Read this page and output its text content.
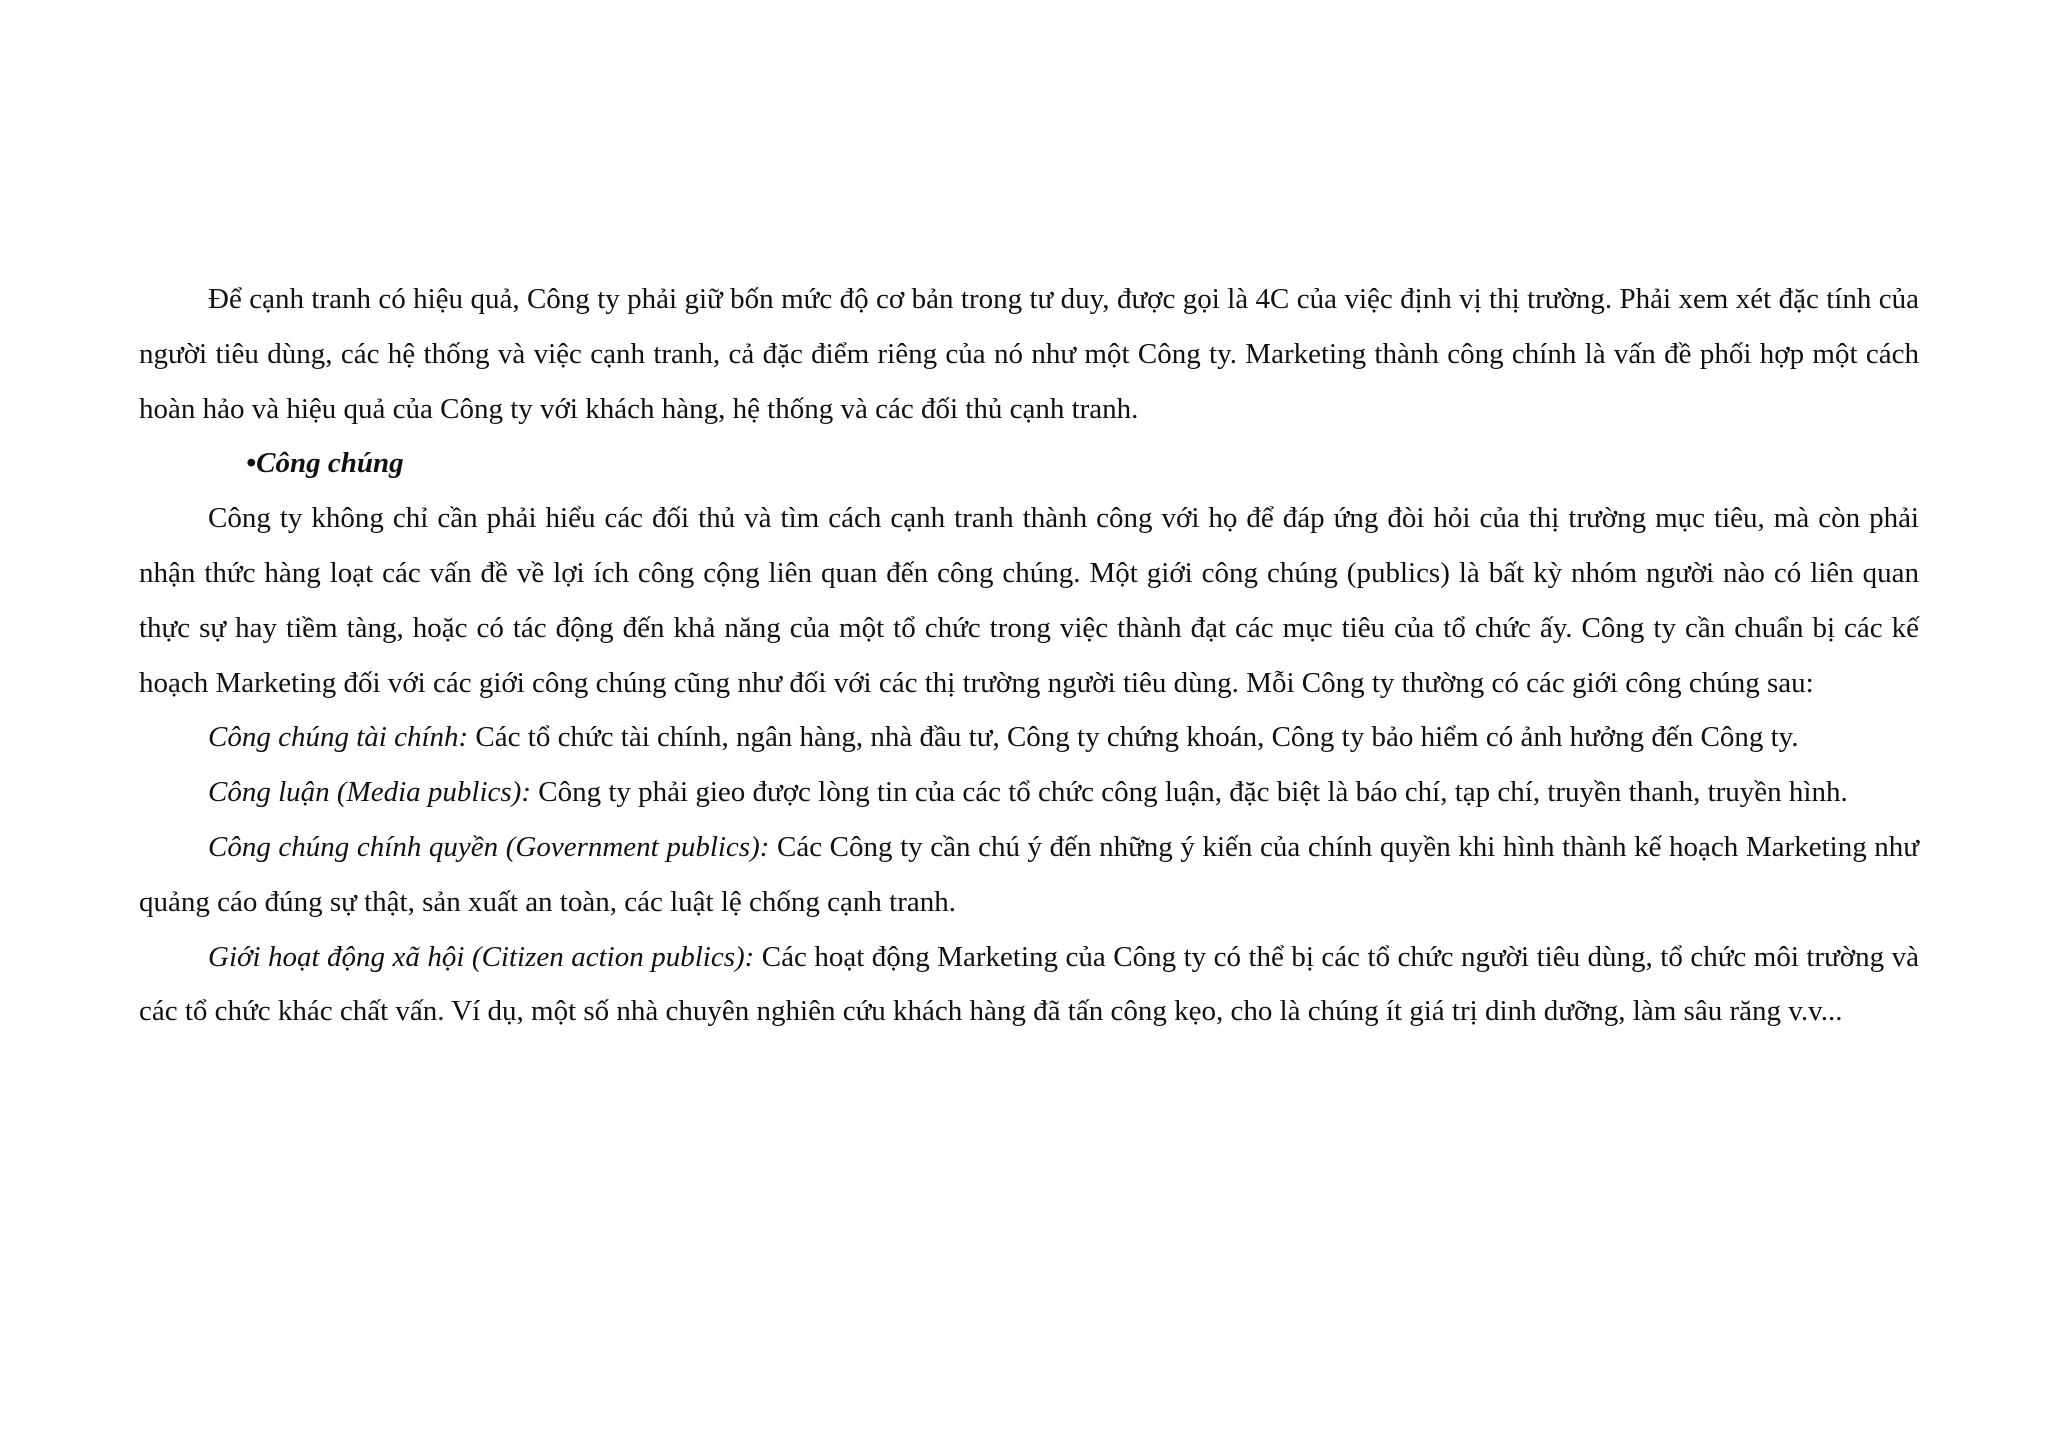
Để cạnh tranh có hiệu quả, Công ty phải giữ bốn mức độ cơ bản trong tư duy, được gọi là 4C của việc định vị thị trường. Phải xem xét đặc tính của người tiêu dùng, các hệ thống và việc cạnh tranh, cả đặc điểm riêng của nó như một Công ty. Marketing thành công chính là vấn đề phối hợp một cách hoàn hảo và hiệu quả của Công ty với khách hàng, hệ thống và các đối thủ cạnh tranh.

•Công chúng

Công ty không chỉ cần phải hiểu các đối thủ và tìm cách cạnh tranh thành công với họ để đáp ứng đòi hỏi của thị trường mục tiêu, mà còn phải nhận thức hàng loạt các vấn đề về lợi ích công cộng liên quan đến công chúng. Một giới công chúng (publics) là bất kỳ nhóm người nào có liên quan thực sự hay tiềm tàng, hoặc có tác động đến khả năng của một tổ chức trong việc thành đạt các mục tiêu của tổ chức ấy. Công ty cần chuẩn bị các kế hoạch Marketing đối với các giới công chúng cũng như đối với các thị trường người tiêu dùng. Mỗi Công ty thường có các giới công chúng sau:

Công chúng tài chính: Các tổ chức tài chính, ngân hàng, nhà đầu tư, Công ty chứng khoán, Công ty bảo hiểm có ảnh hưởng đến Công ty.

Công luận (Media publics): Công ty phải gieo được lòng tin của các tổ chức công luận, đặc biệt là báo chí, tạp chí, truyền thanh, truyền hình.

Công chúng chính quyền (Government publics): Các Công ty cần chú ý đến những ý kiến của chính quyền khi hình thành kế hoạch Marketing như quảng cáo đúng sự thật, sản xuất an toàn, các luật lệ chống cạnh tranh.

Giới hoạt động xã hội (Citizen action publics): Các hoạt động Marketing của Công ty có thể bị các tổ chức người tiêu dùng, tổ chức môi trường và các tổ chức khác chất vấn. Ví dụ, một số nhà chuyên nghiên cứu khách hàng đã tấn công kẹo, cho là chúng ít giá trị dinh dưỡng, làm sâu răng v.v...
